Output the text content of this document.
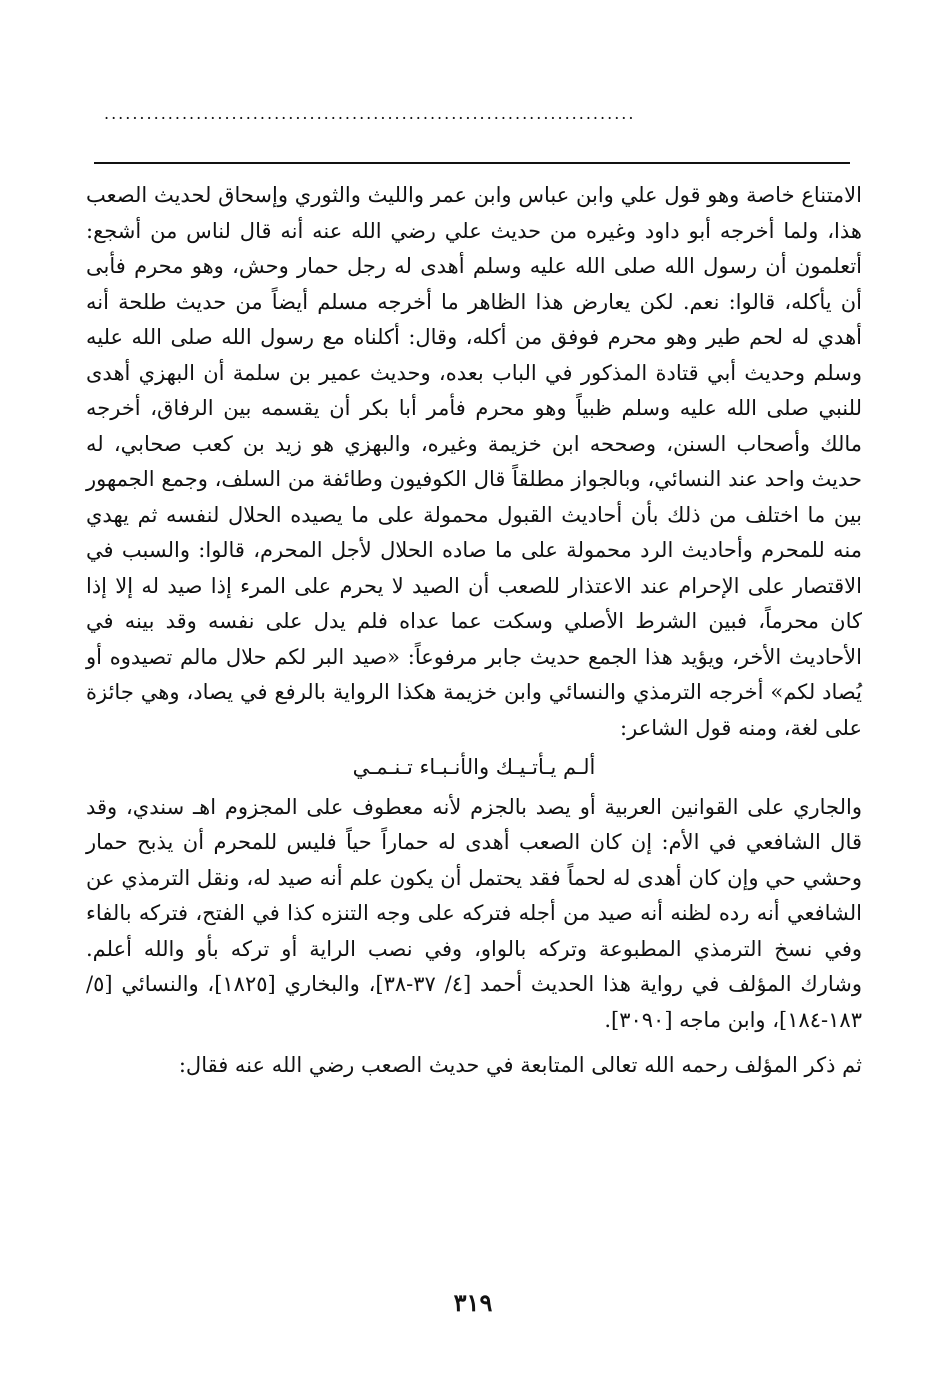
...........................................................................

الامتناع خاصة وهو قول علي وابن عباس وابن عمر والليث والثوري وإسحاق لحديث الصعب هذا، ولما أخرجه أبو داود وغيره من حديث علي رضي الله عنه أنه قال لناس من أشجع: أتعلمون أن رسول الله صلى الله عليه وسلم أهدى له رجل حمار وحش، وهو محرم فأبى أن يأكله، قالوا: نعم. لكن يعارض هذا الظاهر ما أخرجه مسلم أيضاً من حديث طلحة أنه أهدي له لحم طير وهو محرم فوفق من أكله، وقال: أكلناه مع رسول الله صلى الله عليه وسلم وحديث أبي قتادة المذكور في الباب بعده، وحديث عمير بن سلمة أن البهزي أهدى للنبي صلى الله عليه وسلم ظبياً وهو محرم فأمر أبا بكر أن يقسمه بين الرفاق، أخرجه مالك وأصحاب السنن، وصححه ابن خزيمة وغيره، والبهزي هو زيد بن كعب صحابي، له حديث واحد عند النسائي، وبالجواز مطلقاً قال الكوفيون وطائفة من السلف، وجمع الجمهور بين ما اختلف من ذلك بأن أحاديث القبول محمولة على ما يصيده الحلال لنفسه ثم يهدي منه للمحرم وأحاديث الرد محمولة على ما صاده الحلال لأجل المحرم، قالوا: والسبب في الاقتصار على الإحرام عند الاعتذار للصعب أن الصيد لا يحرم على المرء إذا صيد له إلا إذا كان محرماً، فبين الشرط الأصلي وسكت عما عداه فلم يدل على نفسه وقد بينه في الأحاديث الأخر، ويؤيد هذا الجمع حديث جابر مرفوعاً: «صيد البر لكم حلال مالم تصيدوه أو يُصاد لكم» أخرجه الترمذي والنسائي وابن خزيمة هكذا الرواية بالرفع في يصاد، وهي جائزة على لغة، ومنه قول الشاعر:

ألـم يـأتـيـك والأنـبـاء تـنـمـي

والجاري على القوانين العربية أو يصد بالجزم لأنه معطوف على المجزوم اهـ سندي، وقد قال الشافعي في الأم: إن كان الصعب أهدى له حماراً حياً فليس للمحرم أن يذبح حمار وحشي حي وإن كان أهدى له لحماً فقد يحتمل أن يكون علم أنه صيد له، ونقل الترمذي عن الشافعي أنه رده لظنه أنه صيد من أجله فتركه على وجه التنزه كذا في الفتح، فتركه بالفاء وفي نسخ الترمذي المطبوعة وتركه بالواو، وفي نصب الراية أو تركه بأو والله أعلم. وشارك المؤلف في رواية هذا الحديث أحمد [٤/ ٣٧-٣٨]، والبخاري [١٨٢٥]، والنسائي [٥/ ١٨٣-١٨٤]، وابن ماجه [٣٠٩٠].

ثم ذكر المؤلف رحمه الله تعالى المتابعة في حديث الصعب رضي الله عنه فقال:

٣١٩
